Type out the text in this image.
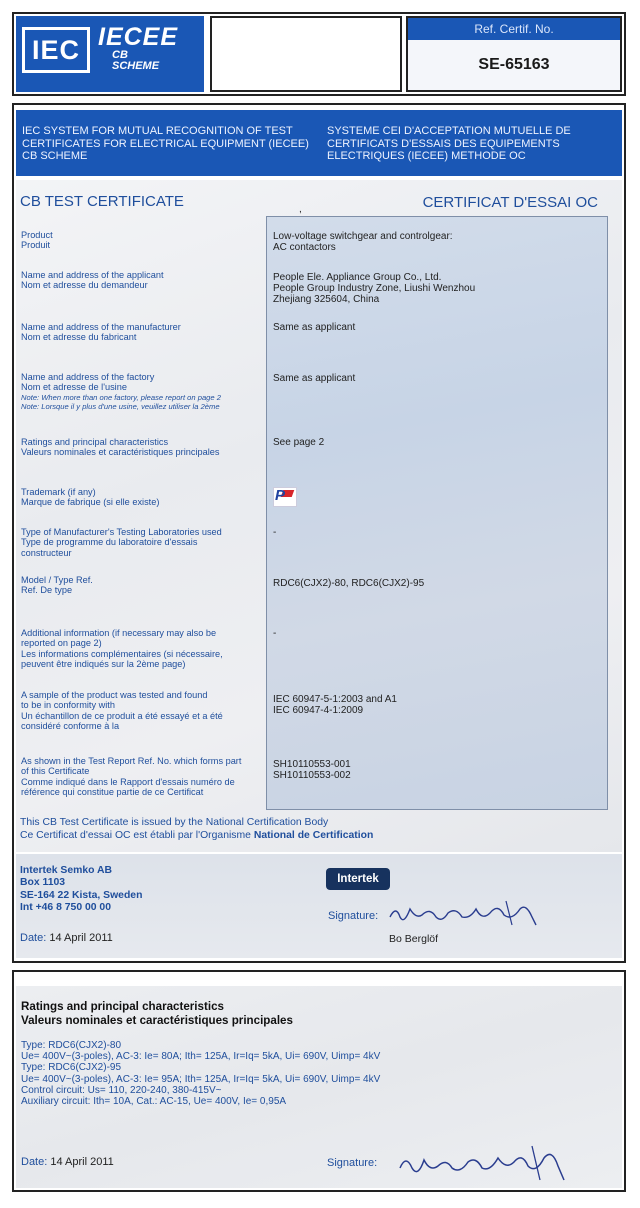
IEC IECEE
CB
SCHEME
Ref. Certif. No.
SE-65163
IEC SYSTEM FOR MUTUAL RECOGNITION OF TEST CERTIFICATES FOR ELECTRICAL EQUIPMENT (IECEE) CB SCHEME
SYSTEME CEI D'ACCEPTATION MUTUELLE DE CERTIFICATS D'ESSAIS DES EQUIPEMENTS ELECTRIQUES (IECEE) METHODE OC
CB TEST CERTIFICATE	CERTIFICAT D'ESSAI OC
,
Product
Produit
Low-voltage switchgear and controlgear:
AC contactors
Name and address of the applicant
Nom et adresse du demandeur
People Ele. Appliance Group Co., Ltd.
People Group Industry Zone, Liushi Wenzhou
Zhejiang 325604, China
Name and address of the manufacturer
Nom et adresse du fabricant
Same as applicant
Name and address of the factory
Nom et adresse de l'usine
Note: When more than one factory, please report on page 2
Note: Lorsque il y plus d'une usine, veuillez utiliser la 2ème
Same as applicant
Ratings and principal characteristics
Valeurs nominales et caractéristiques principales
See page 2
Trademark (if any)
Marque de fabrique (si elle existe)	P
Type of Manufacturer's Testing Laboratories used
Type de programme du laboratoire d'essais
constructeur
-
Model / Type Ref.
Ref. De type
RDC6(CJX2)-80, RDC6(CJX2)-95
Additional information (if necessary may also be
reported on page 2)
Les informations complémentaires (si nécessaire,
peuvent être indiqués sur la 2ème page)
-
A sample of the product was tested and found
to be in conformity with
Un échantillon de ce produit a été essayé et a été
considéré conforme à la
IEC 60947-5-1:2003 and A1
IEC 60947-4-1:2009
As shown in the Test Report Ref. No. which forms part
of this Certificate
Comme indiqué dans le Rapport d'essais numéro de
référence qui constitue partie de ce Certificat
SH10110553-001
SH10110553-002
This CB Test Certificate is issued by the National Certification Body
Ce Certificat d'essai OC est établi par l'Organisme National de Certification
Intertek Semko AB
Box 1103
SE-164 22 Kista, Sweden
Int +46 8 750 00 00
Date: 14 April 2011
Intertek
Signature:
Bo Berglöf
Ratings and principal characteristics
Valeurs nominales et caractéristiques principales
Type: RDC6(CJX2)-80
Ue= 400V~(3-poles), AC-3: Ie= 80A; Ith= 125A, Ir=Iq= 5kA, Ui= 690V, Uimp= 4kV
Type: RDC6(CJX2)-95
Ue= 400V~(3-poles), AC-3: Ie= 95A; Ith= 125A, Ir=Iq= 5kA, Ui= 690V, Uimp= 4kV
Control circuit: Us= 110, 220-240, 380-415V~
Auxiliary circuit: Ith= 10A, Cat.: AC-15, Ue= 400V, Ie= 0,95A
Date: 14 April 2011	Signature:
